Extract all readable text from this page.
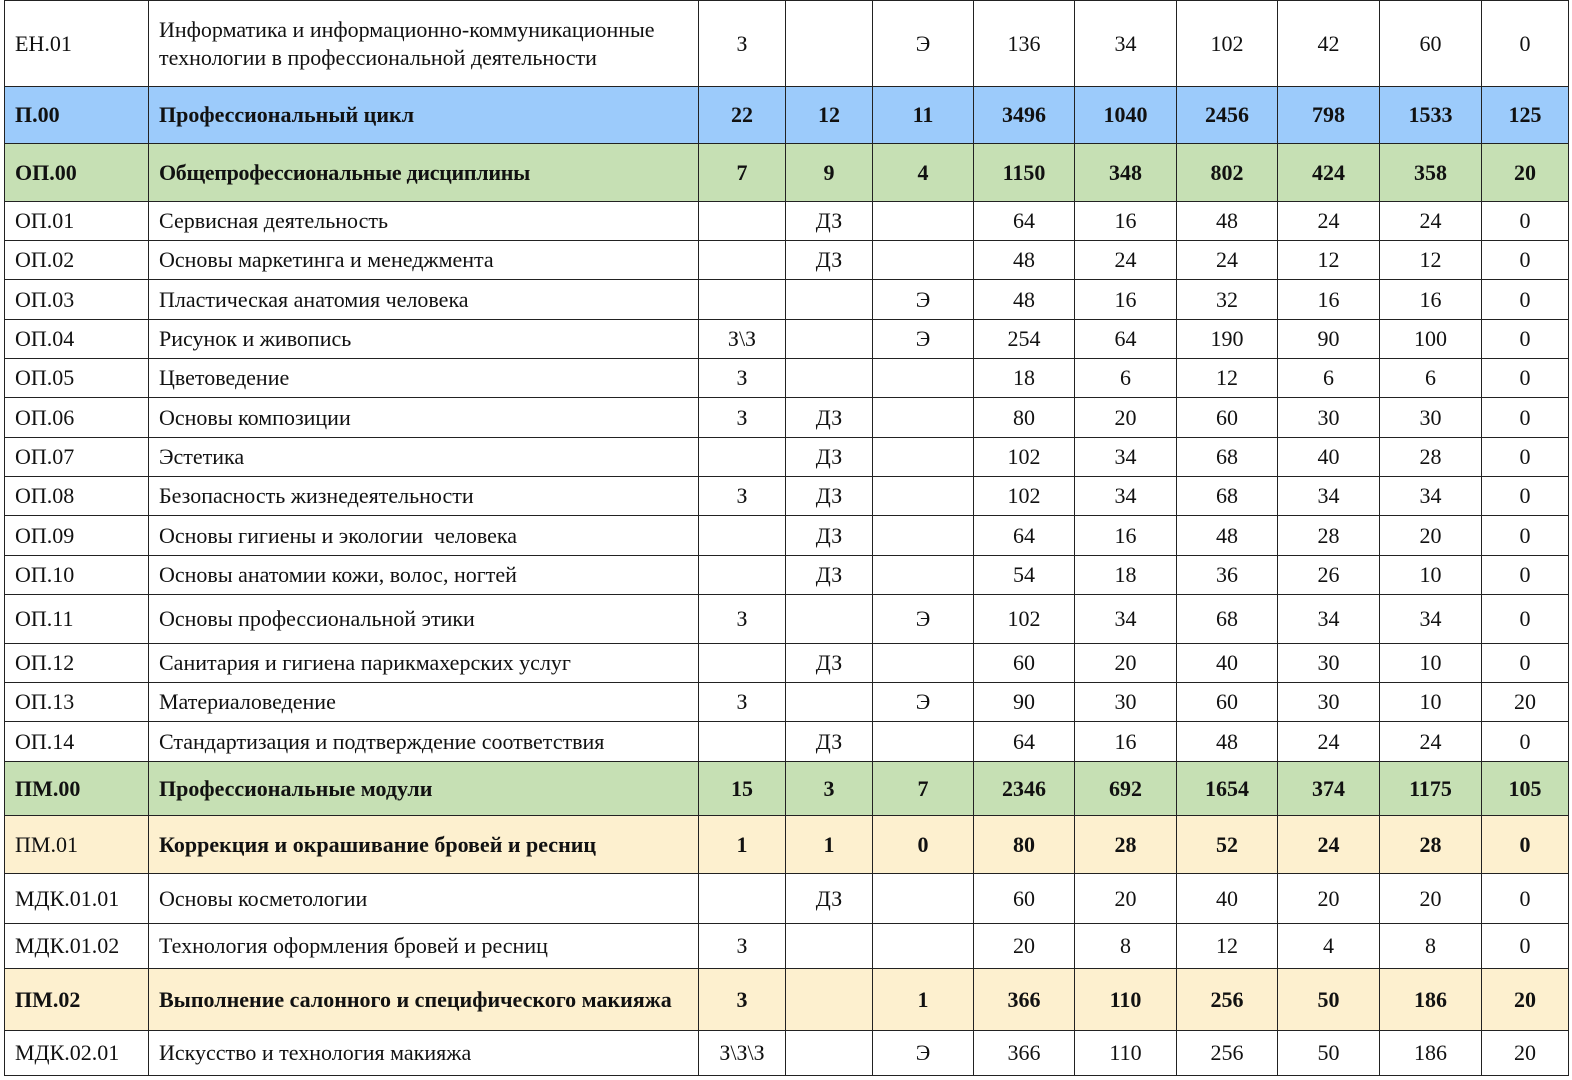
ЕН.01	Информатика и информационно-коммуникационные технологии в профессиональной деятельности	З		Э	136	34	102	42	60	0
П.00	Профессиональный цикл	22	12	11	3496	1040	2456	798	1533	125
ОП.00	Общепрофессиональные дисциплины	7	9	4	1150	348	802	424	358	20
ОП.01	Сервисная деятельность		ДЗ		64	16	48	24	24	0
ОП.02	Основы маркетинга и менеджмента		ДЗ		48	24	24	12	12	0
ОП.03	Пластическая анатомия человека			Э	48	16	32	16	16	0
ОП.04	Рисунок и живопись	З\З		Э	254	64	190	90	100	0
ОП.05	Цветоведение	З			18	6	12	6	6	0
ОП.06	Основы композиции	З	ДЗ		80	20	60	30	30	0
ОП.07	Эстетика		ДЗ		102	34	68	40	28	0
ОП.08	Безопасность жизнедеятельности	З	ДЗ		102	34	68	34	34	0
ОП.09	Основы гигиены и экологии  человека		ДЗ		64	16	48	28	20	0
ОП.10	Основы анатомии кожи, волос, ногтей		ДЗ		54	18	36	26	10	0
ОП.11	Основы профессиональной этики	З		Э	102	34	68	34	34	0
ОП.12	Санитария и гигиена парикмахерских услуг		ДЗ		60	20	40	30	10	0
ОП.13	Материаловедение	З		Э	90	30	60	30	10	20
ОП.14	Стандартизация и подтверждение соответствия		ДЗ		64	16	48	24	24	0
ПМ.00	Профессиональные модули	15	3	7	2346	692	1654	374	1175	105
ПМ.01	Коррекция и окрашивание бровей и ресниц	1	1	0	80	28	52	24	28	0
МДК.01.01	Основы косметологии		ДЗ		60	20	40	20	20	0
МДК.01.02	Технология оформления бровей и ресниц	З			20	8	12	4	8	0
ПМ.02	Выполнение салонного и специфического макияжа	3		1	366	110	256	50	186	20
МДК.02.01	Искусство и технология макияжа	З\З\З		Э	366	110	256	50	186	20
